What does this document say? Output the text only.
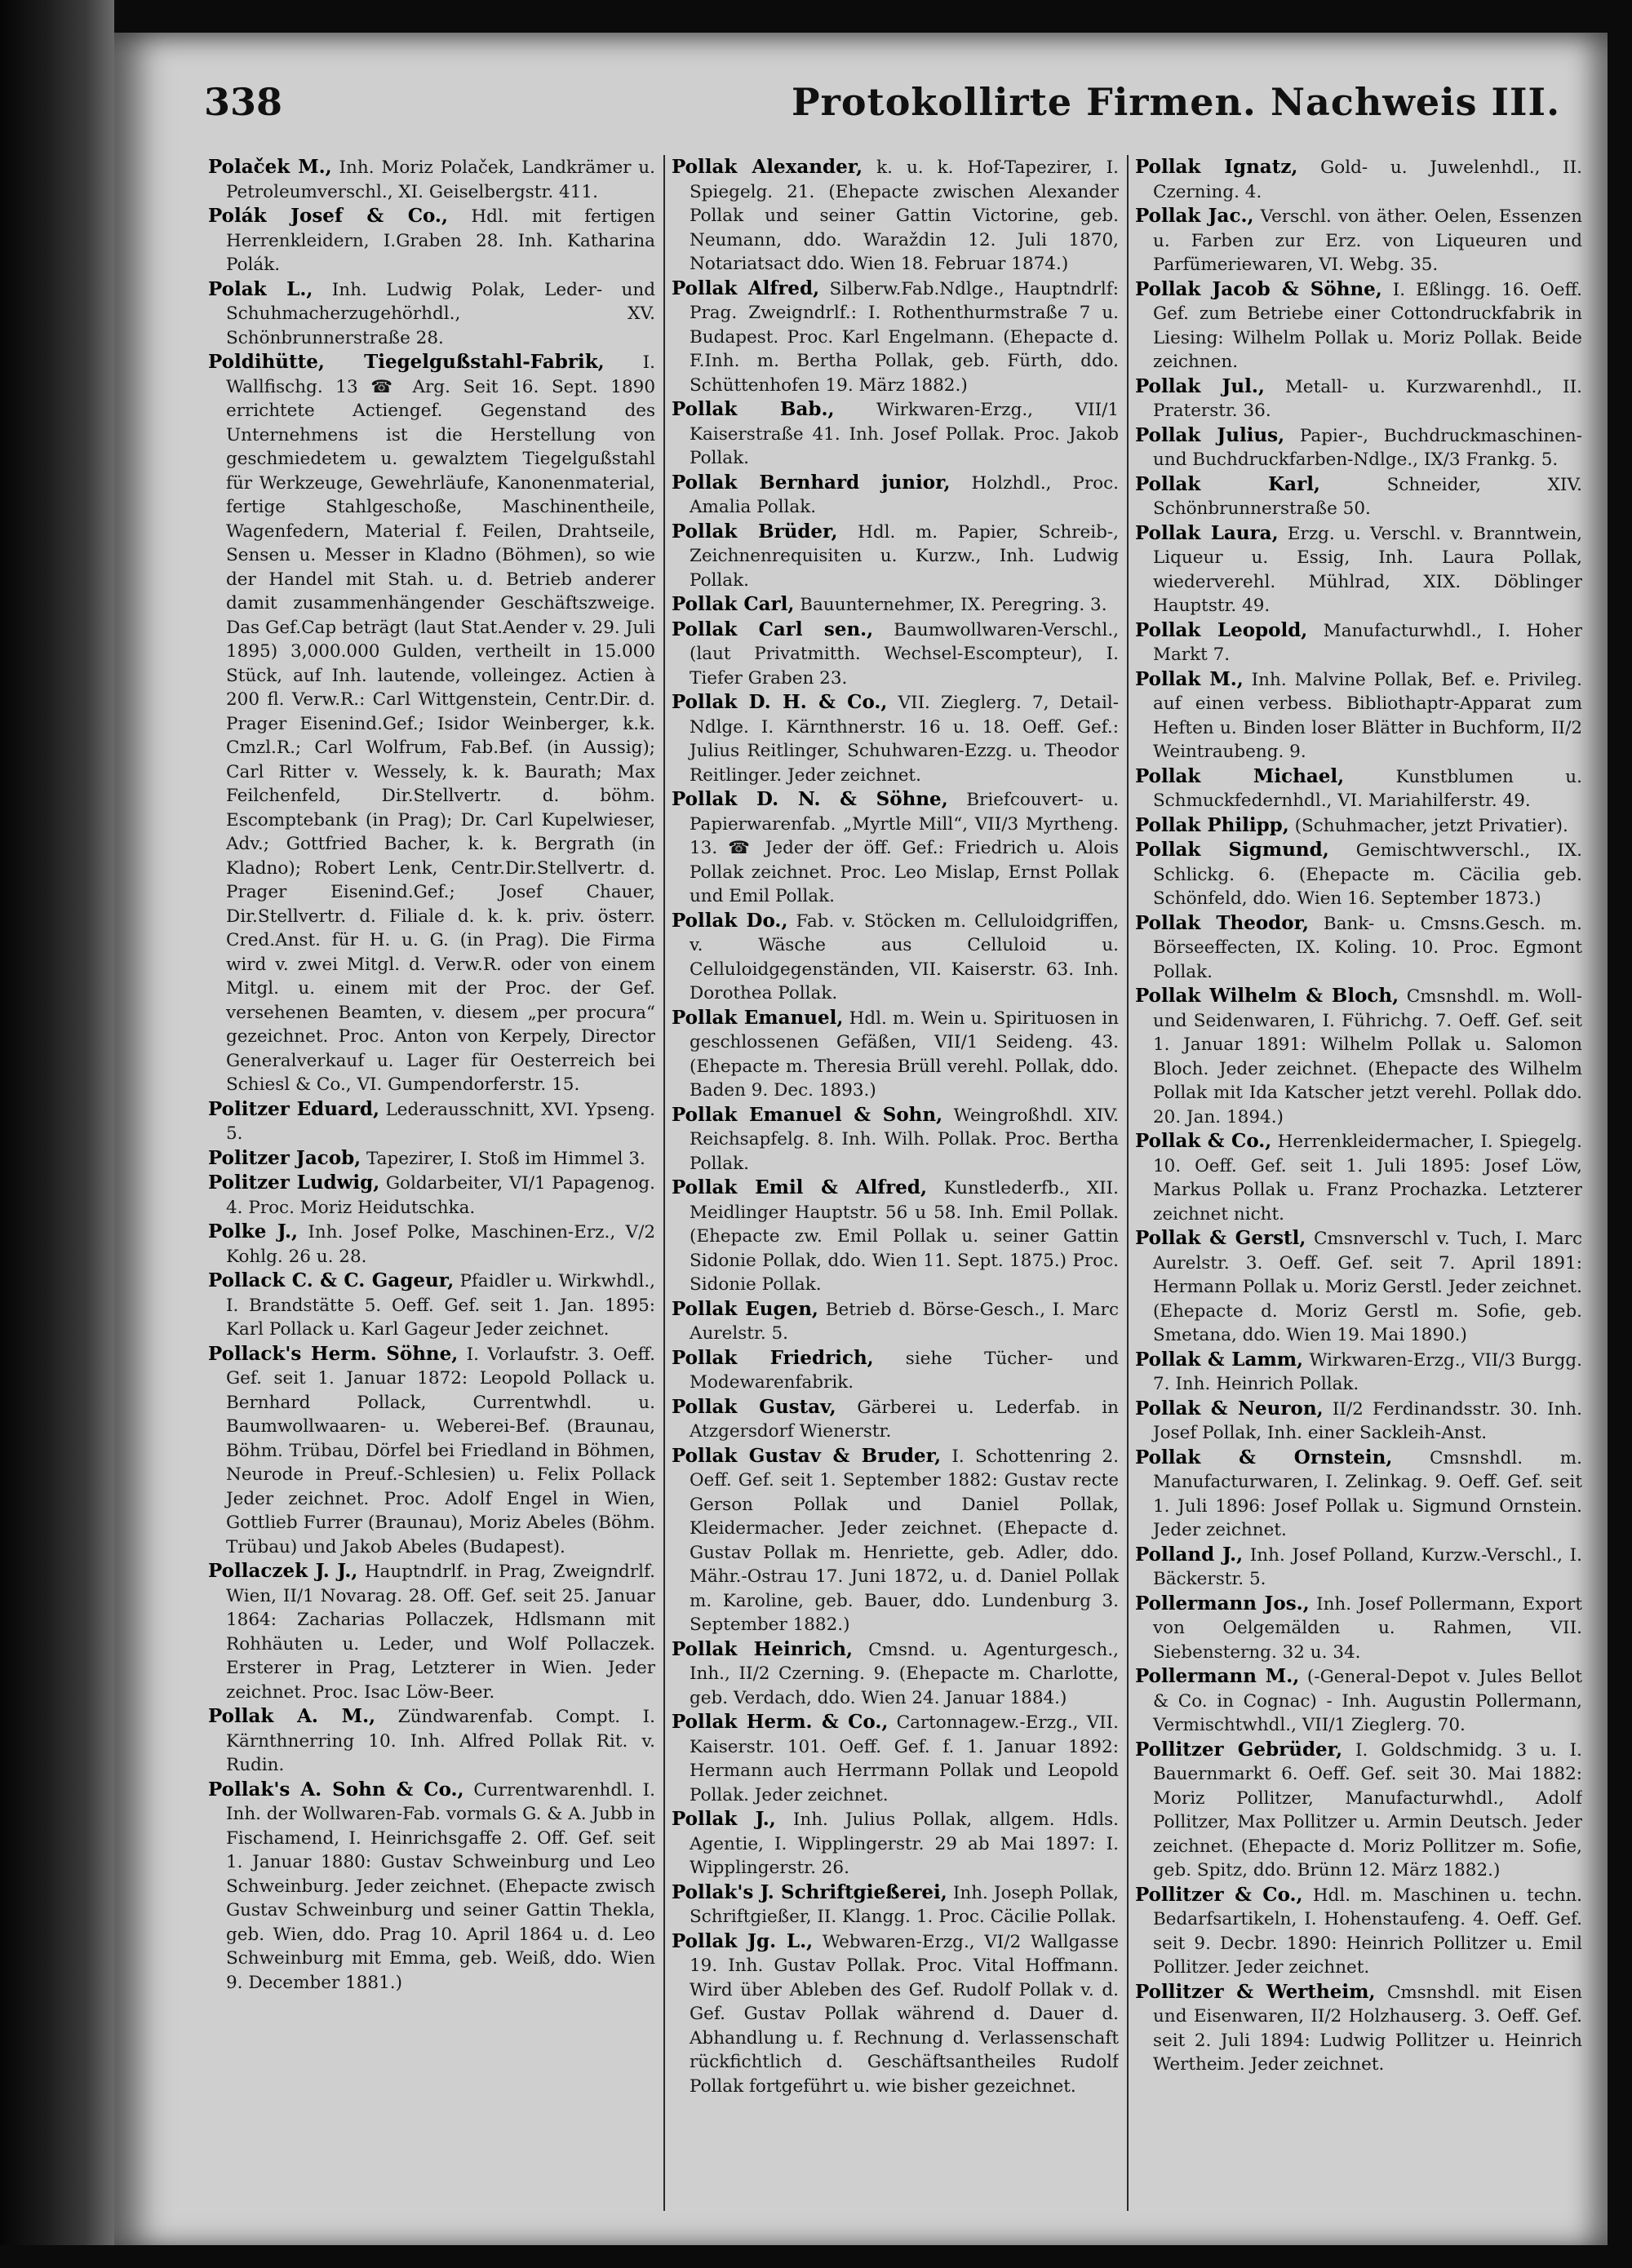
338	Protokollirte Firmen. Nachweis III.

Polaček M., Inh. Moriz Polaček, Landkrämer u. Petroleumverschl., XI. Geiselbergstr. 411.

Polák Josef & Co., Hdl. mit fertigen Herrenkleidern, I.Graben 28. Inh. Katharina Polák.

Polak L., Inh. Ludwig Polak, Leder- und Schuhmacherzugehörhdl., XV. Schönbrunnerstraße 28.

Poldihütte, Tiegelgußstahl-Fabrik, I. Wallfischg. 13 ☎ Arg. Seit 16. Sept. 1890 errichtete Actiengef. Gegenstand des Unternehmens ist die Herstellung von geschmiedetem u. gewalztem Tiegelgußstahl für Werkzeuge, Gewehrläufe, Kanonenmaterial, fertige Stahlgeschoße, Maschinentheile, Wagenfedern, Material f. Feilen, Drahtseile, Sensen u. Messer in Kladno (Böhmen), so wie der Handel mit Stah. u. d. Betrieb anderer damit zusammenhängender Geschäftszweige. Das Gef.Cap beträgt (laut Stat.Aender v. 29. Juli 1895) 3,000.000 Gulden, vertheilt in 15.000 Stück, auf Inh. lautende, volleingez. Actien à 200 fl. Verw.R.: Carl Wittgenstein, Centr.Dir. d. Prager Eisenind.Gef.; Isidor Weinberger, k.k. Cmzl.R.; Carl Wolfrum, Fab.Bef. (in Aussig); Carl Ritter v. Wessely, k. k. Baurath; Max Feilchenfeld, Dir.Stellvertr. d. böhm. Escomptebank (in Prag); Dr. Carl Kupelwieser, Adv.; Gottfried Bacher, k. k. Bergrath (in Kladno); Robert Lenk, Centr.Dir.Stellvertr. d. Prager Eisenind.Gef.; Josef Chauer, Dir.Stellvertr. d. Filiale d. k. k. priv. österr. Cred.Anst. für H. u. G. (in Prag). Die Firma wird v. zwei Mitgl. d. Verw.R. oder von einem Mitgl. u. einem mit der Proc. der Gef. versehenen Beamten, v. diesem „per procura“ gezeichnet. Proc. Anton von Kerpely, Director Generalverkauf u. Lager für Oesterreich bei Schiesl & Co., VI. Gumpendorferstr. 15.

Politzer Eduard, Lederausschnitt, XVI. Ypseng. 5.

Politzer Jacob, Tapezirer, I. Stoß im Himmel 3.

Politzer Ludwig, Goldarbeiter, VI/1 Papagenog. 4. Proc. Moriz Heidutschka.

Polke J., Inh. Josef Polke, Maschinen-Erz., V/2 Kohlg. 26 u. 28.

Pollack C. & C. Gageur, Pfaidler u. Wirkwhdl., I. Brandstätte 5. Oeff. Gef. seit 1. Jan. 1895: Karl Pollack u. Karl Gageur Jeder zeichnet.

Pollack's Herm. Söhne, I. Vorlaufstr. 3. Oeff. Gef. seit 1. Januar 1872: Leopold Pollack u. Bernhard Pollack, Currentwhdl. u. Baumwollwaaren- u. Weberei-Bef. (Braunau, Böhm. Trübau, Dörfel bei Friedland in Böhmen, Neurode in Preuf.-Schlesien) u. Felix Pollack Jeder zeichnet. Proc. Adolf Engel in Wien, Gottlieb Furrer (Braunau), Moriz Abeles (Böhm. Trübau) und Jakob Abeles (Budapest).

Pollaczek J. J., Hauptndrlf. in Prag, Zweigndrlf. Wien, II/1 Novarag. 28. Off. Gef. seit 25. Januar 1864: Zacharias Pollaczek, Hdlsmann mit Rohhäuten u. Leder, und Wolf Pollaczek. Ersterer in Prag, Letzterer in Wien. Jeder zeichnet. Proc. Isac Löw-Beer.

Pollak A. M., Zündwarenfab. Compt. I. Kärnthnerring 10. Inh. Alfred Pollak Rit. v. Rudin.

Pollak's A. Sohn & Co., Currentwarenhdl. I. Inh. der Wollwaren-Fab. vormals G. & A. Jubb in Fischamend, I. Heinrichsgaffe 2. Off. Gef. seit 1. Januar 1880: Gustav Schweinburg und Leo Schweinburg. Jeder zeichnet. (Ehepacte zwisch Gustav Schweinburg und seiner Gattin Thekla, geb. Wien, ddo. Prag 10. April 1864 u. d. Leo Schweinburg mit Emma, geb. Weiß, ddo. Wien 9. December 1881.)

Pollak Alexander, k. u. k. Hof-Tapezirer, I. Spiegelg. 21. (Ehepacte zwischen Alexander Pollak und seiner Gattin Victorine, geb. Neumann, ddo. Waraždin 12. Juli 1870, Notariatsact ddo. Wien 18. Februar 1874.)

Pollak Alfred, Silberw.Fab.Ndlge., Hauptndrlf: Prag. Zweigndrlf.: I. Rothenthurmstraße 7 u. Budapest. Proc. Karl Engelmann. (Ehepacte d. F.Inh. m. Bertha Pollak, geb. Fürth, ddo. Schüttenhofen 19. März 1882.)

Pollak Bab., Wirkwaren-Erzg., VII/1 Kaiserstraße 41. Inh. Josef Pollak. Proc. Jakob Pollak.

Pollak Bernhard junior, Holzhdl., Proc. Amalia Pollak.

Pollak Brüder, Hdl. m. Papier, Schreib-, Zeichnenrequisiten u. Kurzw., Inh. Ludwig Pollak.

Pollak Carl, Bauunternehmer, IX. Peregring. 3.

Pollak Carl sen., Baumwollwaren-Verschl., (laut Privatmitth. Wechsel-Escompteur), I. Tiefer Graben 23.

Pollak D. H. & Co., VII. Zieglerg. 7, Detail-Ndlge. I. Kärnthnerstr. 16 u. 18. Oeff. Gef.: Julius Reitlinger, Schuhwaren-Ezzg. u. Theodor Reitlinger. Jeder zeichnet.

Pollak D. N. & Söhne, Briefcouvert- u. Papierwarenfab. „Myrtle Mill“, VII/3 Myrtheng. 13. ☎ Jeder der öff. Gef.: Friedrich u. Alois Pollak zeichnet. Proc. Leo Mislap, Ernst Pollak und Emil Pollak.

Pollak Do., Fab. v. Stöcken m. Celluloidgriffen, v. Wäsche aus Celluloid u. Celluloidgegenständen, VII. Kaiserstr. 63. Inh. Dorothea Pollak.

Pollak Emanuel, Hdl. m. Wein u. Spirituosen in geschlossenen Gefäßen, VII/1 Seideng. 43. (Ehepacte m. Theresia Brüll verehl. Pollak, ddo. Baden 9. Dec. 1893.)

Pollak Emanuel & Sohn, Weingroßhdl. XIV. Reichsapfelg. 8. Inh. Wilh. Pollak. Proc. Bertha Pollak.

Pollak Emil & Alfred, Kunstlederfb., XII. Meidlinger Hauptstr. 56 u 58. Inh. Emil Pollak. (Ehepacte zw. Emil Pollak u. seiner Gattin Sidonie Pollak, ddo. Wien 11. Sept. 1875.) Proc. Sidonie Pollak.

Pollak Eugen, Betrieb d. Börse-Gesch., I. Marc Aurelstr. 5.

Pollak Friedrich, siehe Tücher- und Modewarenfabrik.

Pollak Gustav, Gärberei u. Lederfab. in Atzgersdorf Wienerstr.

Pollak Gustav & Bruder, I. Schottenring 2. Oeff. Gef. seit 1. September 1882: Gustav recte Gerson Pollak und Daniel Pollak, Kleidermacher. Jeder zeichnet. (Ehepacte d. Gustav Pollak m. Henriette, geb. Adler, ddo. Mähr.-Ostrau 17. Juni 1872, u. d. Daniel Pollak m. Karoline, geb. Bauer, ddo. Lundenburg 3. September 1882.)

Pollak Heinrich, Cmsnd. u. Agenturgesch., Inh., II/2 Czerning. 9. (Ehepacte m. Charlotte, geb. Verdach, ddo. Wien 24. Januar 1884.)

Pollak Herm. & Co., Cartonnagew.-Erzg., VII. Kaiserstr. 101. Oeff. Gef. f. 1. Januar 1892: Hermann auch Herrmann Pollak und Leopold Pollak. Jeder zeichnet.

Pollak J., Inh. Julius Pollak, allgem. Hdls. Agentie, I. Wipplingerstr. 29 ab Mai 1897: I. Wipplingerstr. 26.

Pollak's J. Schriftgießerei, Inh. Joseph Pollak, Schriftgießer, II. Klangg. 1. Proc. Cäcilie Pollak.

Pollak Jg. L., Webwaren-Erzg., VI/2 Wallgasse 19. Inh. Gustav Pollak. Proc. Vital Hoffmann. Wird über Ableben des Gef. Rudolf Pollak v. d. Gef. Gustav Pollak während d. Dauer d. Abhandlung u. f. Rechnung d. Verlassenschaft rückfichtlich d. Geschäftsantheiles Rudolf Pollak fortgeführt u. wie bisher gezeichnet.

Pollak Ignatz, Gold- u. Juwelenhdl., II. Czerning. 4.

Pollak Jac., Verschl. von äther. Oelen, Essenzen u. Farben zur Erz. von Liqueuren und Parfümeriewaren, VI. Webg. 35.

Pollak Jacob & Söhne, I. Eßlingg. 16. Oeff. Gef. zum Betriebe einer Cottondruckfabrik in Liesing: Wilhelm Pollak u. Moriz Pollak. Beide zeichnen.

Pollak Jul., Metall- u. Kurzwarenhdl., II. Praterstr. 36.

Pollak Julius, Papier-, Buchdruckmaschinen- und Buchdruckfarben-Ndlge., IX/3 Frankg. 5.

Pollak Karl, Schneider, XIV. Schönbrunnerstraße 50.

Pollak Laura, Erzg. u. Verschl. v. Branntwein, Liqueur u. Essig, Inh. Laura Pollak, wiederverehl. Mühlrad, XIX. Döblinger Hauptstr. 49.

Pollak Leopold, Manufacturwhdl., I. Hoher Markt 7.

Pollak M., Inh. Malvine Pollak, Bef. e. Privileg. auf einen verbess. Bibliothaptr-Apparat zum Heften u. Binden loser Blätter in Buchform, II/2 Weintraubeng. 9.

Pollak Michael, Kunstblumen u. Schmuckfedernhdl., VI. Mariahilferstr. 49.

Pollak Philipp, (Schuhmacher, jetzt Privatier).

Pollak Sigmund, Gemischtwverschl., IX. Schlickg. 6. (Ehepacte m. Cäcilia geb. Schönfeld, ddo. Wien 16. September 1873.)

Pollak Theodor, Bank- u. Cmsns.Gesch. m. Börseeffecten, IX. Koling. 10. Proc. Egmont Pollak.

Pollak Wilhelm & Bloch, Cmsnshdl. m. Woll- und Seidenwaren, I. Führichg. 7. Oeff. Gef. seit 1. Januar 1891: Wilhelm Pollak u. Salomon Bloch. Jeder zeichnet. (Ehepacte des Wilhelm Pollak mit Ida Katscher jetzt verehl. Pollak ddo. 20. Jan. 1894.)

Pollak & Co., Herrenkleidermacher, I. Spiegelg. 10. Oeff. Gef. seit 1. Juli 1895: Josef Löw, Markus Pollak u. Franz Prochazka. Letzterer zeichnet nicht.

Pollak & Gerstl, Cmsnverschl v. Tuch, I. Marc Aurelstr. 3. Oeff. Gef. seit 7. April 1891: Hermann Pollak u. Moriz Gerstl. Jeder zeichnet. (Ehepacte d. Moriz Gerstl m. Sofie, geb. Smetana, ddo. Wien 19. Mai 1890.)

Pollak & Lamm, Wirkwaren-Erzg., VII/3 Burgg. 7. Inh. Heinrich Pollak.

Pollak & Neuron, II/2 Ferdinandsstr. 30. Inh. Josef Pollak, Inh. einer Sackleih-Anst.

Pollak & Ornstein, Cmsnshdl. m. Manufacturwaren, I. Zelinkag. 9. Oeff. Gef. seit 1. Juli 1896: Josef Pollak u. Sigmund Ornstein. Jeder zeichnet.

Polland J., Inh. Josef Polland, Kurzw.-Verschl., I. Bäckerstr. 5.

Pollermann Jos., Inh. Josef Pollermann, Export von Oelgemälden u. Rahmen, VII. Siebensterng. 32 u. 34.

Pollermann M., (-General-Depot v. Jules Bellot & Co. in Cognac) - Inh. Augustin Pollermann, Vermischtwhdl., VII/1 Zieglerg. 70.

Pollitzer Gebrüder, I. Goldschmidg. 3 u. I. Bauernmarkt 6. Oeff. Gef. seit 30. Mai 1882: Moriz Pollitzer, Manufacturwhdl., Adolf Pollitzer, Max Pollitzer u. Armin Deutsch. Jeder zeichnet. (Ehepacte d. Moriz Pollitzer m. Sofie, geb. Spitz, ddo. Brünn 12. März 1882.)

Pollitzer & Co., Hdl. m. Maschinen u. techn. Bedarfsartikeln, I. Hohenstaufeng. 4. Oeff. Gef. seit 9. Decbr. 1890: Heinrich Pollitzer u. Emil Pollitzer. Jeder zeichnet.

Pollitzer & Wertheim, Cmsnshdl. mit Eisen und Eisenwaren, II/2 Holzhauserg. 3. Oeff. Gef. seit 2. Juli 1894: Ludwig Pollitzer u. Heinrich Wertheim. Jeder zeichnet.
